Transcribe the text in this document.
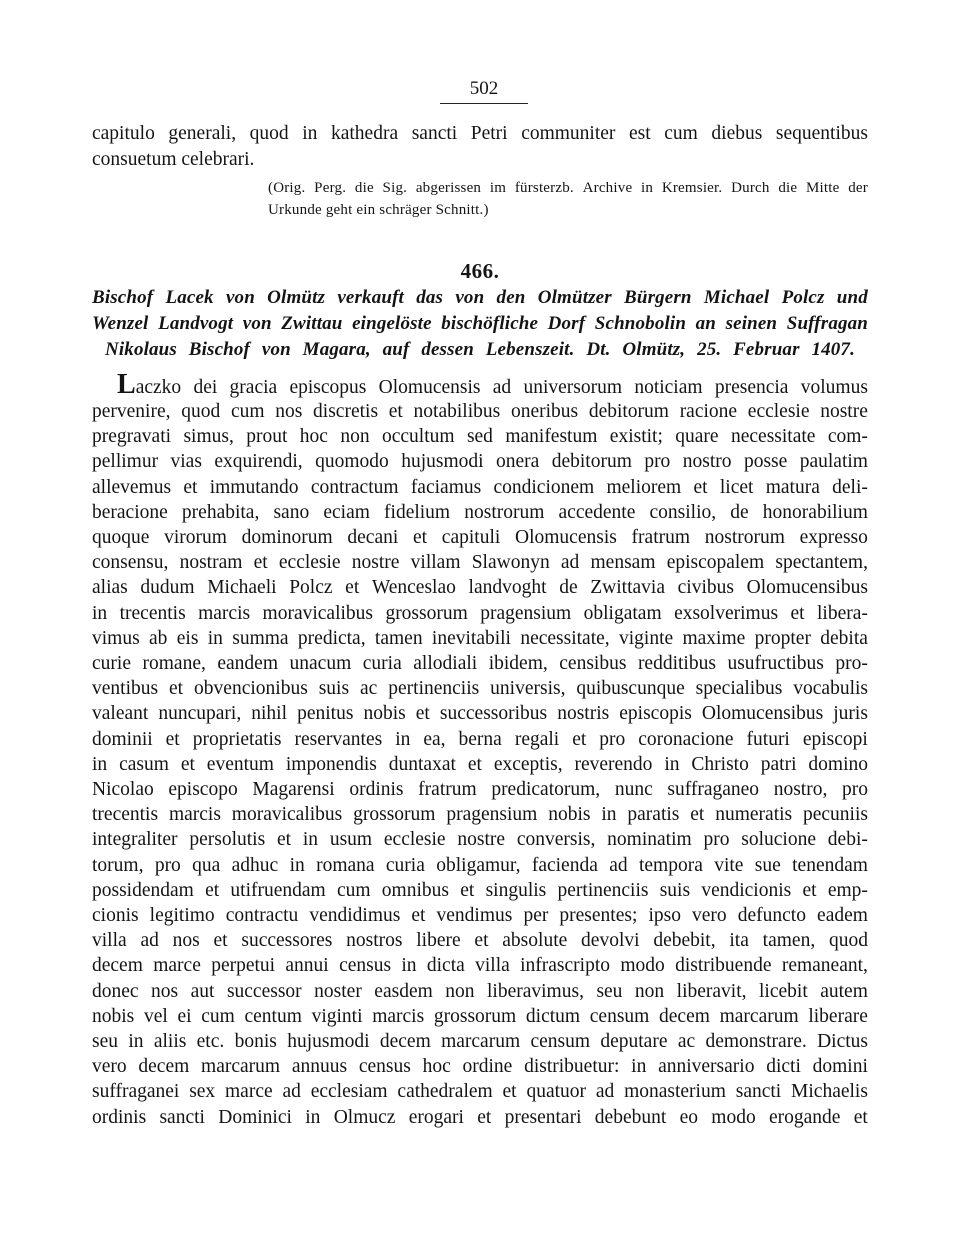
502
capitulo generali, quod in kathedra sancti Petri communiter est cum diebus sequentibus
consuetum celebrari.
(Orig. Perg. die Sig. abgerissen im fürsterzb. Archive in Kremsier. Durch die Mitte der
Urkunde geht ein schräger Schnitt.)
466.
Bischof Lacek von Olmütz verkauft das von den Olmützer Bürgern Michael Polcz und
Wenzel Landvogt von Zwittau eingelöste bischöfliche Dorf Schnobolin an seinen Suffragan
Nikolaus Bischof von Magara, auf dessen Lebenszeit. Dt. Olmütz, 25. Februar 1407.
L aczko dei gracia episcopus Olomucensis ad universorum noticiam presencia volumus
pervenire, quod cum nos discretis et notabilibus oneribus debitorum racione ecclesie nostre
pregravati simus, prout hoc non occultum sed manifestum existit; quare necessitate com-
pellimur vias exquirendi, quomodo hujusmodi onera debitorum pro nostro posse paulatim
allevemus et immutando contractum faciamus condicionem meliorem et licet matura deli-
beracione prehabita, sano eciam fidelium nostrorum accedente consilio, de honorabilium
quoque virorum dominorum decani et capituli Olomucensis fratrum nostrorum expresso
consensu, nostram et ecclesie nostre villam Slawonyn ad mensam episcopalem spectantem,
alias dudum Michaeli Polcz et Wenceslao landvoght de Zwittavia civibus Olomucensibus
in trecentis marcis moravicalibus grossorum pragensium obligatam exsolverimus et libera-
vimus ab eis in summa predicta, tamen inevitabili necessitate, viginte maxime propter debita
curie romane, eandem unacum curia allodiali ibidem, censibus redditibus usufructibus pro-
ventibus et obvencionibus suis ac pertinenciis universis, quibuscunque specialibus vocabulis
valeant nuncupari, nihil penitus nobis et successoribus nostris episcopis Olomucensibus juris
dominii et proprietatis reservantes in ea, berna regali et pro coronacione futuri episcopi
in casum et eventum imponendis duntaxat et exceptis, reverendo in Christo patri domino
Nicolao episcopo Magarensi ordinis fratrum predicatorum, nunc suffraganeo nostro, pro
trecentis marcis moravicalibus grossorum pragensium nobis in paratis et numeratis pecuniis
integraliter persolutis et in usum ecclesie nostre conversis, nominatim pro solucione debi-
torum, pro qua adhuc in romana curia obligamur, facienda ad tempora vite sue tenendam
possidendam et utifruendam cum omnibus et singulis pertinenciis suis vendicionis et emp-
cionis legitimo contractu vendidimus et vendimus per presentes; ipso vero defuncto eadem
villa ad nos et successores nostros libere et absolute devolvi debebit, ita tamen, quod
decem marce perpetui annui census in dicta villa infrascripto modo distribuende remaneant,
donec nos aut successor noster easdem non liberavimus, seu non liberavit, licebit autem
nobis vel ei cum centum viginti marcis grossorum dictum censum decem marcarum liberare
seu in aliis etc. bonis hujusmodi decem marcarum censum deputare ac demonstrare. Dictus
vero decem marcarum annuus census hoc ordine distribuetur: in anniversario dicti domini
suffraganei sex marce ad ecclesiam cathedralem et quatuor ad monasterium sancti Michaelis
ordinis sancti Dominici in Olmucz erogari et presentari debebunt eo modo erogande et
